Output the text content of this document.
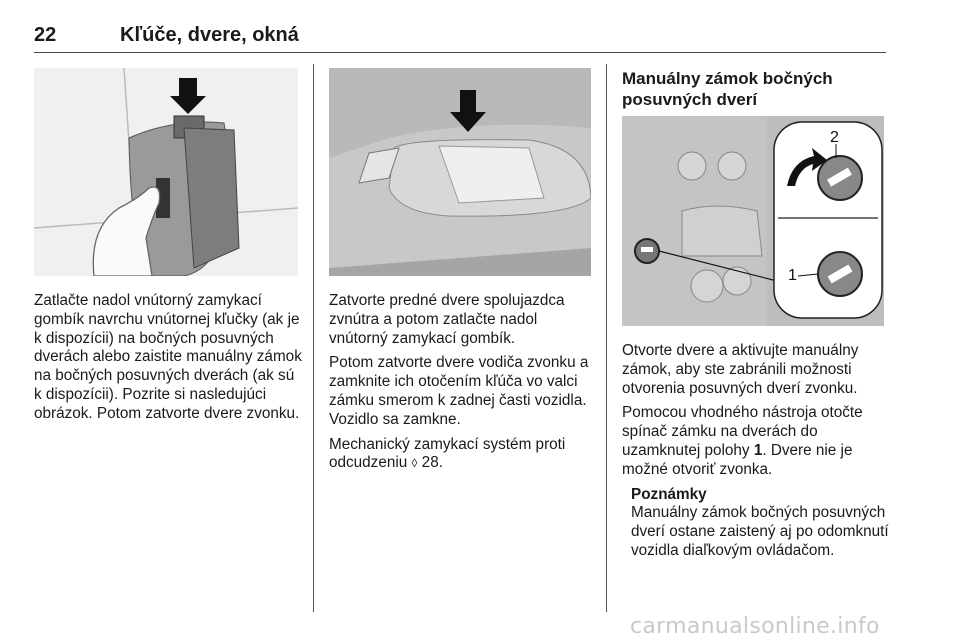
22	Kľúče, dvere, okná
2
1

Zatlačte nadol vnútorný zamykací gombík navrchu vnútornej kľučky (ak je k dispozícii) na bočných posuvných dverách alebo zaistite manuálny zámok na bočných posuvných dverách (ak sú k dispozícii). Pozrite si nasledujúci obrázok. Potom zatvorte dvere zvonku.

Zatvorte predné dvere spolujazdca zvnútra a potom zatlačte nadol vnútorný zamykací gombík.

Potom zatvorte dvere vodiča zvonku a zamknite ich otočením kľúča vo valci zámku smerom k zadnej časti vozidla. Vozidlo sa zamkne.

Mechanický zamykací systém proti odcudzeniu ◊ 28.

Manuálny zámok bočných posuvných dverí

Otvorte dvere a aktivujte manuálny zámok, aby ste zabránili možnosti otvorenia posuvných dverí zvonku.

Pomocou vhodného nástroja otočte spínač zámku na dverách do uzamknutej polohy 1. Dvere nie je možné otvoriť zvonka.

Poznámky
Manuálny zámok bočných posuvných dverí ostane zaistený aj po odomknutí vozidla diaľkovým ovládačom.
carmanualsonline.info
